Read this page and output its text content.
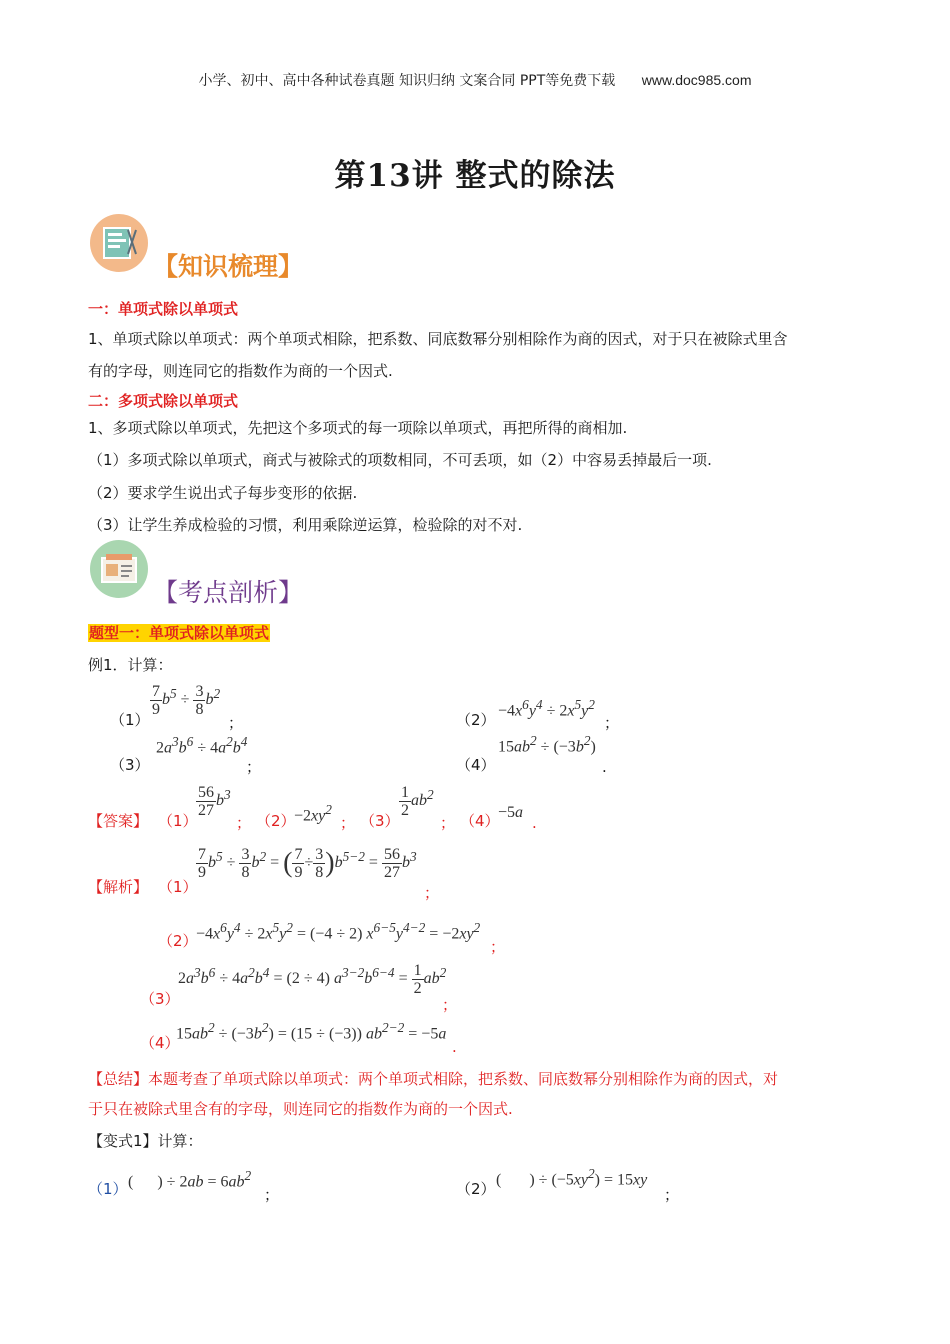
小学、初中、高中各种试卷真题 知识归纳 文案合同 PPT等免费下载 www.doc985.com
第13讲 整式的除法
【知识梳理】
一：单项式除以单项式
1、单项式除以单项式：两个单项式相除，把系数、同底数幂分别相除作为商的因式，对于只在被除式里含
有的字母，则连同它的指数作为商的一个因式.
二：多项式除以单项式
1、多项式除以单项式，先把这个多项式的每一项除以单项式，再把所得的商相加.
（1）多项式除以单项式，商式与被除式的项数相同，不可丢项，如（2）中容易丢掉最后一项.
（2）要求学生说出式子每步变形的依据.
（3）让学生养成检验的习惯，利用乘除逆运算，检验除的对不对.
【考点剖析】
题型一：单项式除以单项式
例1．计算：
（1）
$\frac{7}{9} b^5 \div \frac{3}{8} b^2$
；	（2）
$-4x^6y^4 \div 2x^5y^2$
；
（3）
$2a^3b^6 \div 4a^2b^4$
；	（4）
$15ab^2 \div (-3b^2)$
.
【答案】 （1）
$\frac{56}{27} b^3$
； （2）
$-2xy^2$
； （3）
$\frac{1}{2} ab^2$
； （4）
−5a
.
【解析】 （1）
$\frac{7}{9} b^5 \div \frac{3}{8} b^2$ = ( $\frac{7}{9} \div \frac{3}{8} )b^{5-2} = \frac{56}{27} b^3$
；
（2）
$-4x^6y^4 \div 2x^5y^2 = (-4 \div 2) x^{6-5}y^{4-2} = -2xy^2$
；
（3）
$2a^3b^6 \div 4a^2b^4 = (2 \div 4) a^{3-2}b^{6-4} = \frac{1}{2} ab^2$
；
（4）
$15ab^2 \div (-3b^2) = (15 \div (-3)) ab^{2-2} = -5a$
.
【总结】本题考查了单项式除以单项式：两个单项式相除，把系数、同底数幂分别相除作为商的因式，对
于只在被除式里含有的字母，则连同它的指数作为商的一个因式.
【变式1】计算：
（1） (      ) ÷ $2ab = 6ab^2$
；	（2）
(       ) ÷ $(-5xy^2) = 15xy$
；
